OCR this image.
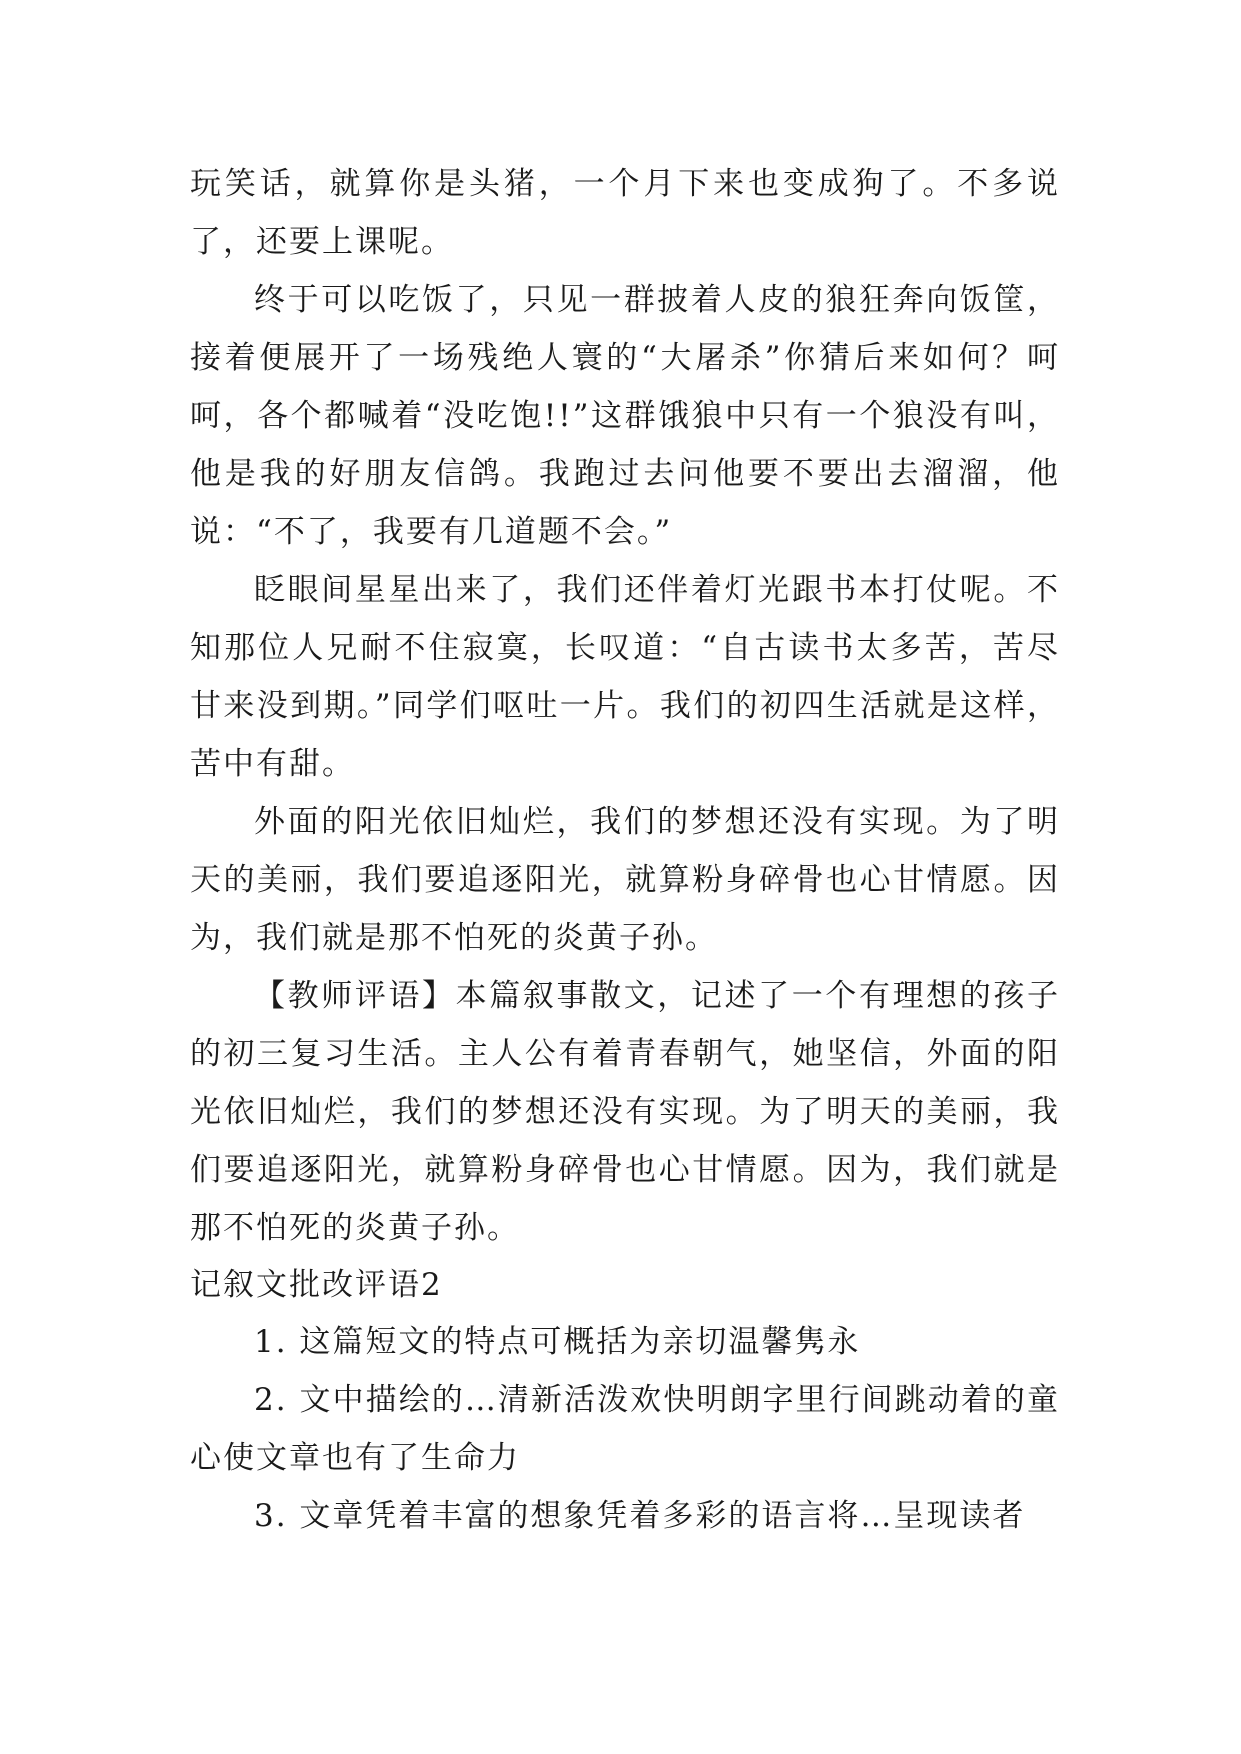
玩笑话，就算你是头猪，一个月下来也变成狗了。不多说了，还要上课呢。

终于可以吃饭了，只见一群披着人皮的狼狂奔向饭筐，接着便展开了一场残绝人寰的“大屠杀”你猜后来如何？呵呵，各个都喊着“没吃饱!!”这群饿狼中只有一个狼没有叫，他是我的好朋友信鸽。我跑过去问他要不要出去溜溜，他说：“不了，我要有几道题不会。”

眨眼间星星出来了，我们还伴着灯光跟书本打仗呢。不知那位人兄耐不住寂寞，长叹道：“自古读书太多苦，苦尽甘来没到期。”同学们呕吐一片。我们的初四生活就是这样，苦中有甜。

外面的阳光依旧灿烂，我们的梦想还没有实现。为了明天的美丽，我们要追逐阳光，就算粉身碎骨也心甘情愿。因为，我们就是那不怕死的炎黄子孙。

【教师评语】本篇叙事散文，记述了一个有理想的孩子的初三复习生活。主人公有着青春朝气，她坚信，外面的阳光依旧灿烂，我们的梦想还没有实现。为了明天的美丽，我们要追逐阳光，就算粉身碎骨也心甘情愿。因为，我们就是那不怕死的炎黄子孙。

记叙文批改评语2

1. 这篇短文的特点可概括为亲切温馨隽永

2. 文中描绘的…清新活泼欢快明朗字里行间跳动着的童心使文章也有了生命力

3. 文章凭着丰富的想象凭着多彩的语言将…呈现读者
